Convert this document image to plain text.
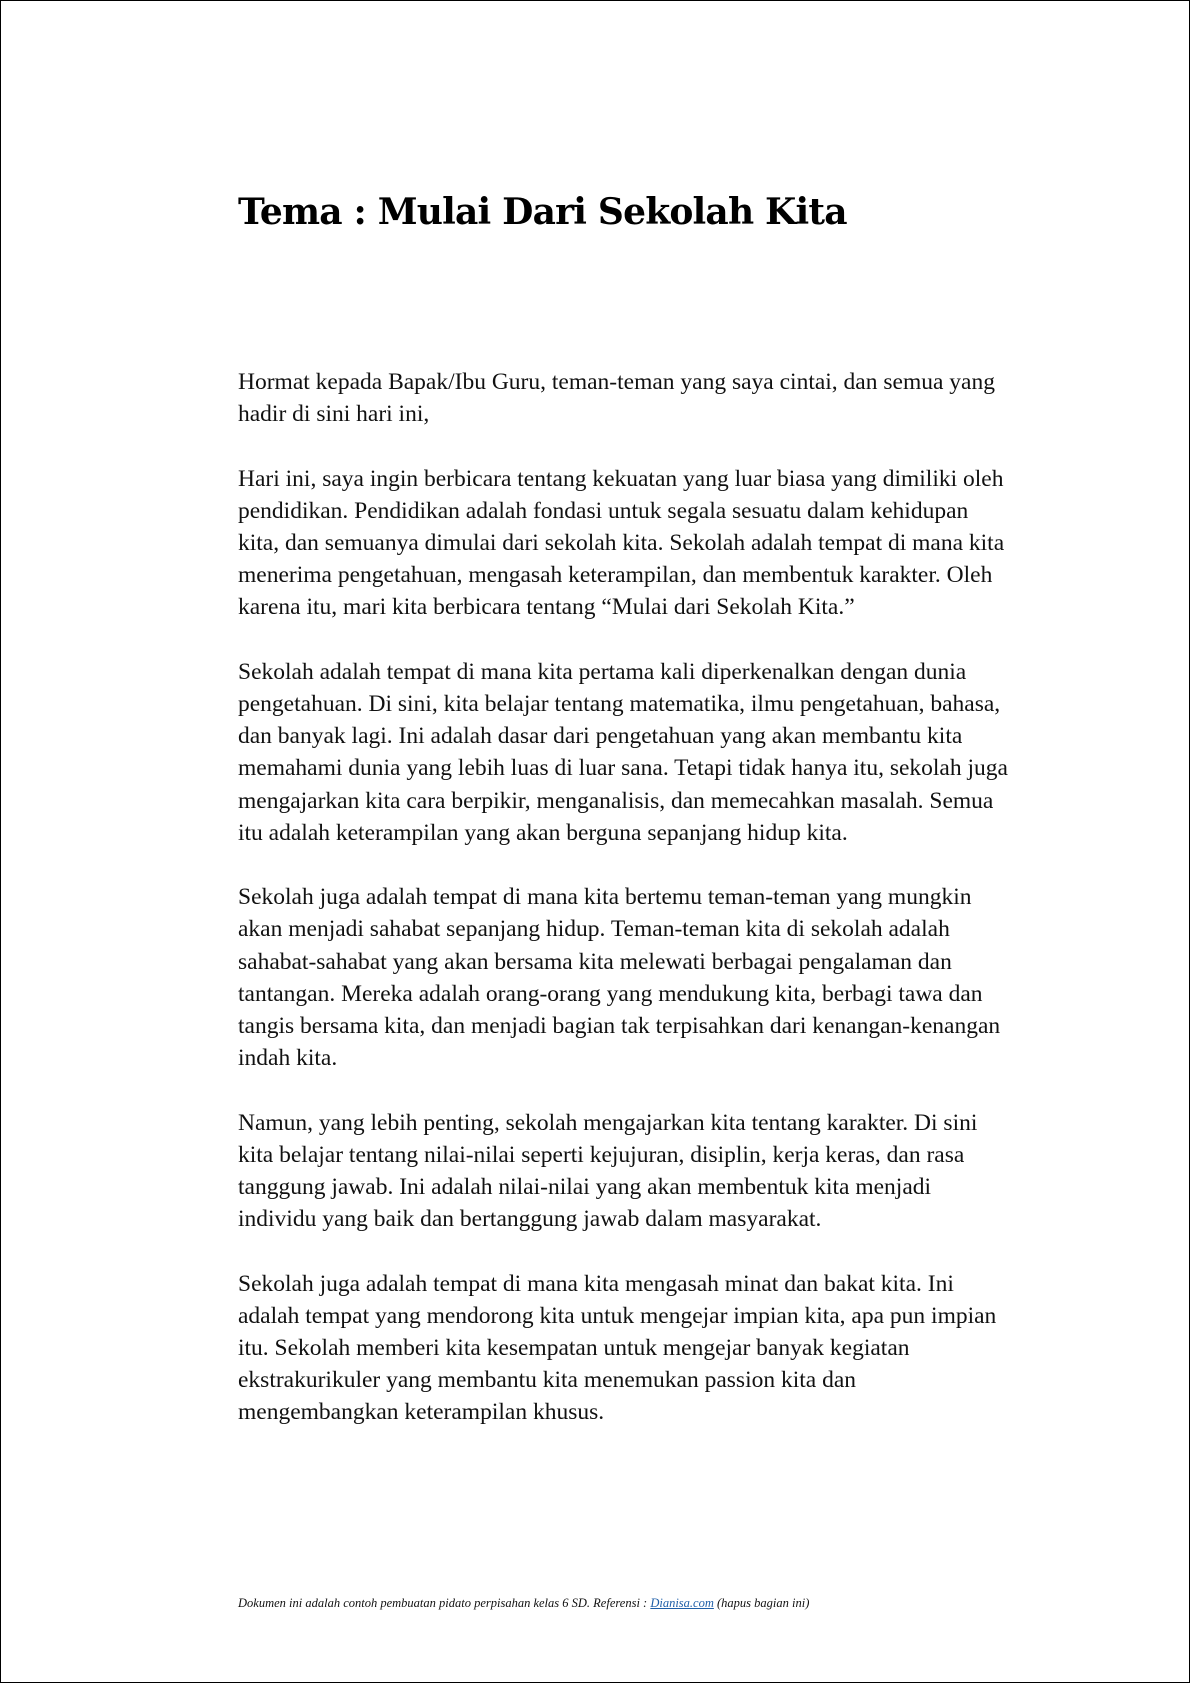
Tema : Mulai Dari Sekolah Kita

Hormat kepada Bapak/Ibu Guru, teman-teman yang saya cintai, dan semua yang hadir di sini hari ini,

Hari ini, saya ingin berbicara tentang kekuatan yang luar biasa yang dimiliki oleh pendidikan. Pendidikan adalah fondasi untuk segala sesuatu dalam kehidupan kita, dan semuanya dimulai dari sekolah kita. Sekolah adalah tempat di mana kita menerima pengetahuan, mengasah keterampilan, dan membentuk karakter. Oleh karena itu, mari kita berbicara tentang “Mulai dari Sekolah Kita.”

Sekolah adalah tempat di mana kita pertama kali diperkenalkan dengan dunia pengetahuan. Di sini, kita belajar tentang matematika, ilmu pengetahuan, bahasa, dan banyak lagi. Ini adalah dasar dari pengetahuan yang akan membantu kita memahami dunia yang lebih luas di luar sana. Tetapi tidak hanya itu, sekolah juga mengajarkan kita cara berpikir, menganalisis, dan memecahkan masalah. Semua itu adalah keterampilan yang akan berguna sepanjang hidup kita.

Sekolah juga adalah tempat di mana kita bertemu teman-teman yang mungkin akan menjadi sahabat sepanjang hidup. Teman-teman kita di sekolah adalah sahabat-sahabat yang akan bersama kita melewati berbagai pengalaman dan tantangan. Mereka adalah orang-orang yang mendukung kita, berbagi tawa dan tangis bersama kita, dan menjadi bagian tak terpisahkan dari kenangan-kenangan indah kita.

Namun, yang lebih penting, sekolah mengajarkan kita tentang karakter. Di sini kita belajar tentang nilai-nilai seperti kejujuran, disiplin, kerja keras, dan rasa tanggung jawab. Ini adalah nilai-nilai yang akan membentuk kita menjadi individu yang baik dan bertanggung jawab dalam masyarakat.

Sekolah juga adalah tempat di mana kita mengasah minat dan bakat kita. Ini adalah tempat yang mendorong kita untuk mengejar impian kita, apa pun impian itu. Sekolah memberi kita kesempatan untuk mengejar banyak kegiatan ekstrakurikuler yang membantu kita menemukan passion kita dan mengembangkan keterampilan khusus.

Dokumen ini adalah contoh pembuatan pidato perpisahan kelas 6 SD. Referensi : Dianisa.com (hapus bagian ini)
